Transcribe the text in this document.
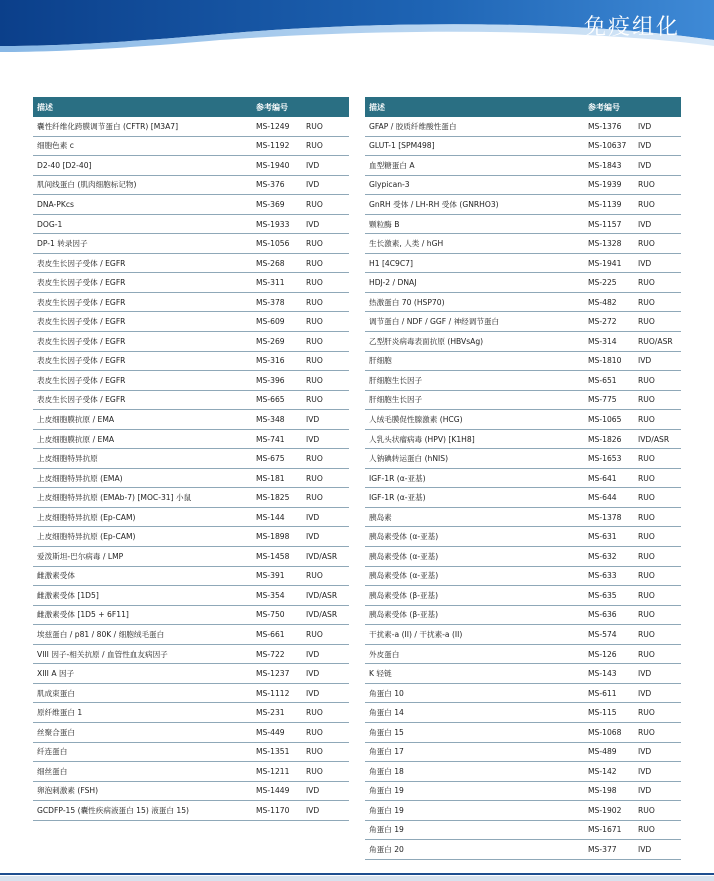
免疫组化
描述	参考编号
囊性纤维化跨膜调节蛋白 (CFTR) [M3A7]	MS-1249	RUO
细胞色素 c	MS-1192	RUO
D2-40 [D2-40]	MS-1940	IVD
肌间线蛋白 (肌肉细胞标记物)	MS-376	IVD
DNA-PKcs	MS-369	RUO
DOG-1	MS-1933	IVD
DP-1 转录因子	MS-1056	RUO
表皮生长因子受体 / EGFR	MS-268	RUO
表皮生长因子受体 / EGFR	MS-311	RUO
表皮生长因子受体 / EGFR	MS-378	RUO
表皮生长因子受体 / EGFR	MS-609	RUO
表皮生长因子受体 / EGFR	MS-269	RUO
表皮生长因子受体 / EGFR	MS-316	RUO
表皮生长因子受体 / EGFR	MS-396	RUO
表皮生长因子受体 / EGFR	MS-665	RUO
上皮细胞膜抗原 / EMA	MS-348	IVD
上皮细胞膜抗原 / EMA	MS-741	IVD
上皮细胞特异抗原	MS-675	RUO
上皮细胞特异抗原 (EMA)	MS-181	RUO
上皮细胞特异抗原 (EMAb-7) [MOC-31] 小鼠	MS-1825	RUO
上皮细胞特异抗原 (Ep-CAM)	MS-144	IVD
上皮细胞特异抗原 (Ep-CAM)	MS-1898	IVD
爱泼斯坦-巴尔病毒 / LMP	MS-1458	IVD/ASR
雌激素受体	MS-391	RUO
雌激素受体 [1D5]	MS-354	IVD/ASR
雌激素受体 [1D5 + 6F11]	MS-750	IVD/ASR
埃兹蛋白 / p81 / 80K / 细胞绒毛蛋白	MS-661	RUO
VIII 因子-相关抗原 / 血管性血友病因子	MS-722	IVD
XIII A 因子	MS-1237	IVD
肌成束蛋白	MS-1112	IVD
原纤维蛋白 1	MS-231	RUO
丝聚合蛋白	MS-449	RUO
纤连蛋白	MS-1351	RUO
细丝蛋白	MS-1211	RUO
卵泡刺激素 (FSH)	MS-1449	IVD
GCDFP-15 (囊性疾病液蛋白 15) 液蛋白 15)	MS-1170	IVD
描述	参考编号
GFAP / 胶质纤维酸性蛋白	MS-1376	IVD
GLUT-1 [SPM498]	MS-10637	IVD
血型糖蛋白 A	MS-1843	IVD
Glypican-3	MS-1939	RUO
GnRH 受体 / LH-RH 受体 (GNRHO3)	MS-1139	RUO
颗粒酶 B	MS-1157	IVD
生长激素, 人类 / hGH	MS-1328	RUO
H1 [4C9C7]	MS-1941	IVD
HDJ-2 / DNAJ	MS-225	RUO
热激蛋白 70 (HSP70)	MS-482	RUO
调节蛋白 / NDF / GGF / 神经调节蛋白	MS-272	RUO
乙型肝炎病毒表面抗原 (HBVsAg)	MS-314	RUO/ASR
肝细胞	MS-1810	IVD
肝细胞生长因子	MS-651	RUO
肝细胞生长因子	MS-775	RUO
人绒毛膜促性腺激素 (HCG)	MS-1065	RUO
人乳头状瘤病毒 (HPV) [K1H8]	MS-1826	IVD/ASR
人钠碘转运蛋白 (hNIS)	MS-1653	RUO
IGF-1R (α-亚基)	MS-641	RUO
IGF-1R (α-亚基)	MS-644	RUO
胰岛素	MS-1378	RUO
胰岛素受体 (α-亚基)	MS-631	RUO
胰岛素受体 (α-亚基)	MS-632	RUO
胰岛素受体 (α-亚基)	MS-633	RUO
胰岛素受体 (β-亚基)	MS-635	RUO
胰岛素受体 (β-亚基)	MS-636	RUO
干扰素-a (II) / 干扰素-a (II)	MS-574	RUO
外皮蛋白	MS-126	RUO
K 轻链	MS-143	IVD
角蛋白 10	MS-611	IVD
角蛋白 14	MS-115	RUO
角蛋白 15	MS-1068	RUO
角蛋白 17	MS-489	IVD
角蛋白 18	MS-142	IVD
角蛋白 19	MS-198	IVD
角蛋白 19	MS-1902	RUO
角蛋白 19	MS-1671	RUO
角蛋白 20	MS-377	IVD
